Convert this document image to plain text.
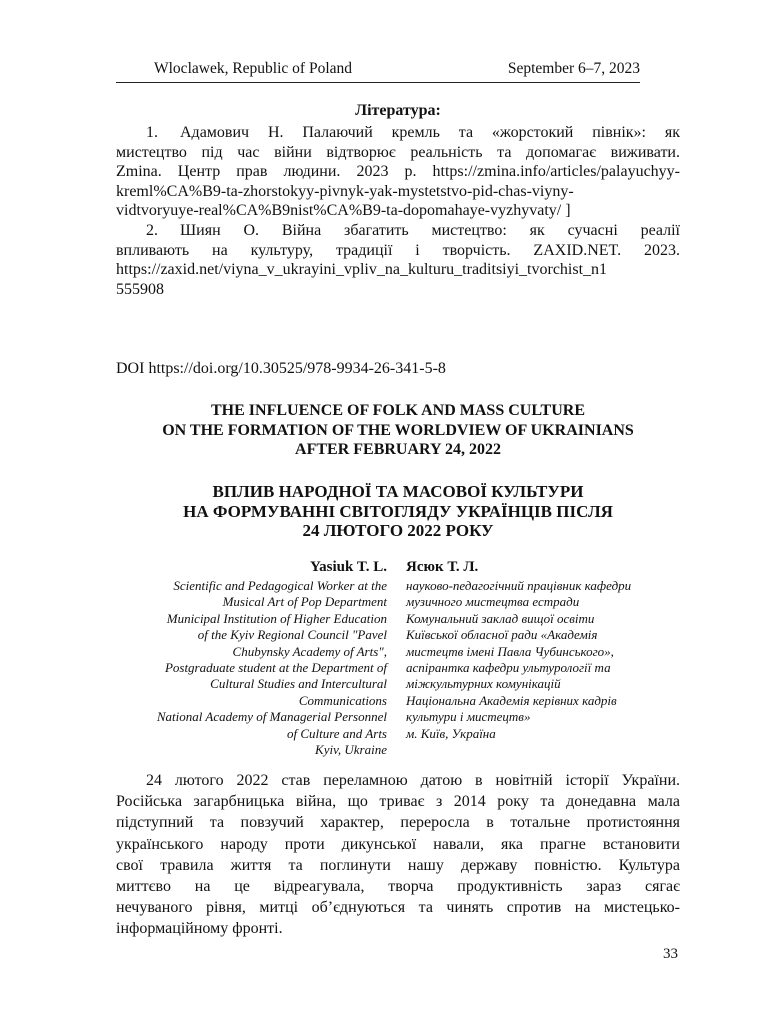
Wloclawek, Republic of Poland	September 6–7, 2023
Література:
1. Адамович Н. Палаючий кремль та «жорстокий півнік»: як
мистецтво під час війни відтворює реальність та допомагає виживати.
Zmina. Центр прав людини. 2023 р. https://zmina.info/articles/palayuchyy-
kreml%CA%B9-ta-zhorstokyy-pivnyk-yak-mystetstvo-pid-chas-viyny-
vidtvoryuye-real%CA%B9nist%CA%B9-ta-dopomahaye-vyzhyvaty/ ]
2. Шиян О. Війна збагатить мистецтво: як сучасні реалії
впливають на культуру, традиції і творчість. ZAXID.NET. 2023.
https://zaxid.net/viyna_v_ukrayini_vpliv_na_kulturu_traditsiyi_tvorchist_n1
555908
DOI https://doi.org/10.30525/978-9934-26-341-5-8
THE INFLUENCE OF FOLK AND MASS CULTURE
ON THE FORMATION OF THE WORLDVIEW OF UKRAINIANS
AFTER FEBRUARY 24, 2022
ВПЛИВ НАРОДНОЇ ТА МАСОВОЇ КУЛЬТУРИ
НА ФОРМУВАННІ СВІТОГЛЯДУ УКРАЇНЦІВ ПІСЛЯ
24 ЛЮТОГО 2022 РОКУ
Yasiuk T. L.
Scientific and Pedagogical Worker at the
Musical Art of Pop Department
Municipal Institution of Higher Education
of the Kyiv Regional Council "Pavel
Chubynsky Academy of Arts",
Postgraduate student at the Department of
Cultural Studies and Intercultural
Communications
National Academy of Managerial Personnel
of Culture and Arts
Kyiv, Ukraine
Ясюк Т. Л.
науково-педагогічний працівник кафедри
музичного мистецтва естради
Комунальний заклад вищої освіти
Київської обласної ради «Академія
мистецтв імені Павла Чубинського»,
аспірантка кафедри ультурології та
міжкультурних комунікацій
Національна Академія керівних кадрів
культури і мистецтв»
м. Київ, Україна
24 лютого 2022 став переламною датою в новітній історії України.
Російська загарбницька війна, що триває з 2014 року та донедавна мала
підступний та повзучий характер, переросла в тотальне протистояння
українського народу проти дикунської навали, яка прагне встановити
свої травила життя та поглинути нашу державу повністю. Культура
миттєво на це відреагувала, творча продуктивність зараз сягає
нечуваного рівня, митці об’єднуються та чинять спротив на мистецько-
інформаційному фронті.
33
